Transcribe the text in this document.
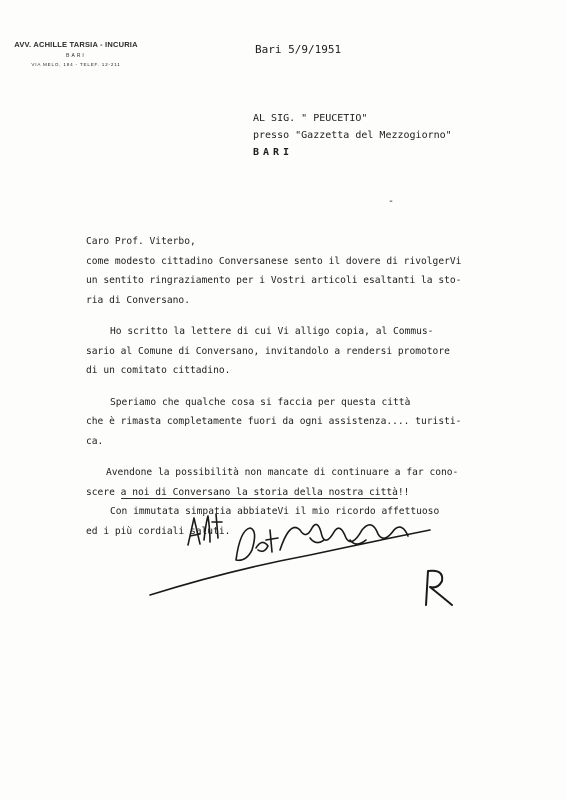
AVV. ACHILLE TARSIA - INCURIA
BARI
VIA MELO, 184 - TELEF. 12-211
Bari 5/9/1951
AL SIG. " PEUCETIO"
presso "Gazzetta del Mezzogiorno"
BARI
-

Caro Prof. Viterbo,

come modesto cittadino Conversanese sento il dovere di rivolgerVi

un sentito ringraziamento per i Vostri articoli esaltanti la sto-

ria di Conversano.

Ho scritto la lettere di cui Vi alligo copia, al Commus-

sario al Comune di Conversano, invitandolo a rendersi promotore

di un comitato cittadino.

Speriamo che qualche cosa si faccia per questa città

che è rimasta completamente fuori da ogni assistenza.... turisti-

ca.

Avendone la possibilità non mancate di continuare a far cono-

scere a noi di Conversano la storia della nostra città!!

Con immutata simpatia abbiateVi il mio ricordo affettuoso

ed i più cordiali saluti.
